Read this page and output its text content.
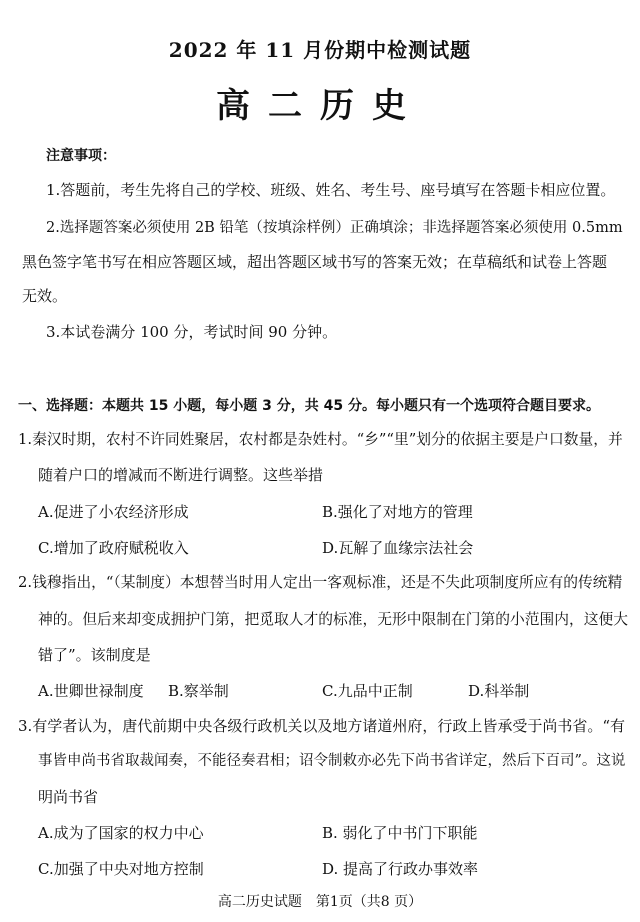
2022 年 11 月份期中检测试题
高二历史
注意事项：
1.答题前，考生先将自己的学校、班级、姓名、考生号、座号填写在答题卡相应位置。
2.选择题答案必须使用 2B 铅笔（按填涂样例）正确填涂；非选择题答案必须使用 0.5mm
黑色签字笔书写在相应答题区域，超出答题区域书写的答案无效；在草稿纸和试卷上答题
无效。
3.本试卷满分 100 分，考试时间 90 分钟。
一、选择题：本题共 15 小题，每小题 3 分，共 45 分。每小题只有一个选项符合题目要求。
1.秦汉时期，农村不许同姓聚居，农村都是杂姓村。“乡”“里”划分的依据主要是户口数量，并
随着户口的增减而不断进行调整。这些举措
A.促进了小农经济形成	B.强化了对地方的管理
C.增加了政府赋税收入	D.瓦解了血缘宗法社会
2.钱穆指出，“（某制度）本想替当时用人定出一客观标准，还是不失此项制度所应有的传统精
神的。但后来却变成拥护门第，把觅取人才的标准，无形中限制在门第的小范围内，这便大
错了”。该制度是
A.世卿世禄制度 B.察举制	C.九品中正制	D.科举制
3.有学者认为，唐代前期中央各级行政机关以及地方诸道州府，行政上皆承受于尚书省。“有
事皆申尚书省取裁闻奏，不能径奏君相；诏令制敕亦必先下尚书省详定，然后下百司”。这说
明尚书省
A.成为了国家的权力中心	B. 弱化了中书门下职能
C.加强了中央对地方控制	D. 提高了行政办事效率
高二历史试题　第1页（共8 页）
